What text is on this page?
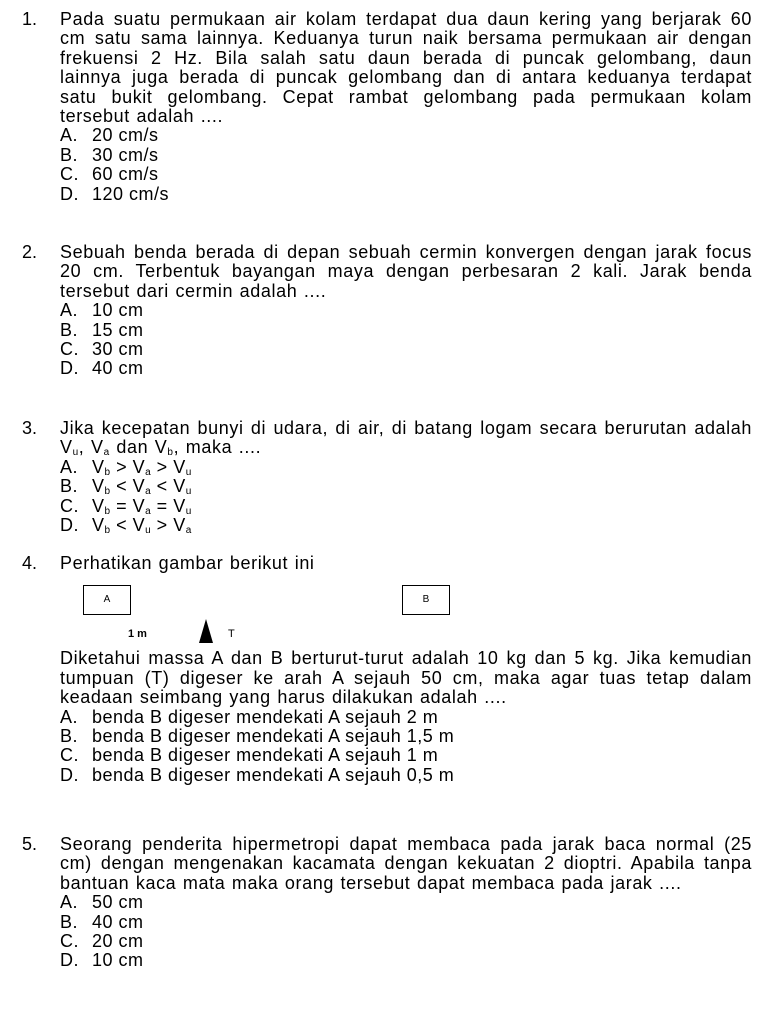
1. Pada suatu permukaan air kolam terdapat dua daun kering yang berjarak 60 cm satu sama lainnya. Keduanya turun naik bersama permukaan air dengan frekuensi 2 Hz. Bila salah satu daun berada di puncak gelombang, daun lainnya juga berada di puncak gelombang dan di antara keduanya terdapat satu bukit gelombang. Cepat rambat gelombang pada permukaan kolam tersebut adalah ....
A. 20 cm/s
B. 30 cm/s
C. 60 cm/s
D. 120 cm/s
2. Sebuah benda berada di depan sebuah cermin konvergen dengan jarak focus 20 cm. Terbentuk bayangan maya dengan perbesaran 2 kali. Jarak benda tersebut dari cermin adalah ....
A. 10 cm
B. 15 cm
C. 30 cm
D. 40 cm
3. Jika kecepatan bunyi di udara, di air, di batang logam secara berurutan adalah $V_u$, $V_a$ dan $V_b$, maka ....
A. $V_b > V_a > V_u$
B. $V_b < V_a < V_u$
C. $V_b = V_a = V_u$
D. $V_b < V_u > V_a$
4. Perhatikan gambar berikut ini
A	B
1 m	T
Diketahui massa A dan B berturut-turut adalah 10 kg dan 5 kg. Jika kemudian tumpuan (T) digeser ke arah A sejauh 50 cm, maka agar tuas tetap dalam keadaan seimbang yang harus dilakukan adalah ....
A. benda B digeser mendekati A sejauh 2 m
B. benda B digeser mendekati A sejauh 1,5 m
C. benda B digeser mendekati A sejauh 1 m
D. benda B digeser mendekati A sejauh 0,5 m
5. Seorang penderita hipermetropi dapat membaca pada jarak baca normal (25 cm) dengan mengenakan kacamata dengan kekuatan 2 dioptri. Apabila tanpa bantuan kaca mata maka orang tersebut dapat membaca pada jarak ....
A. 50 cm
B. 40 cm
C. 20 cm
D. 10 cm
